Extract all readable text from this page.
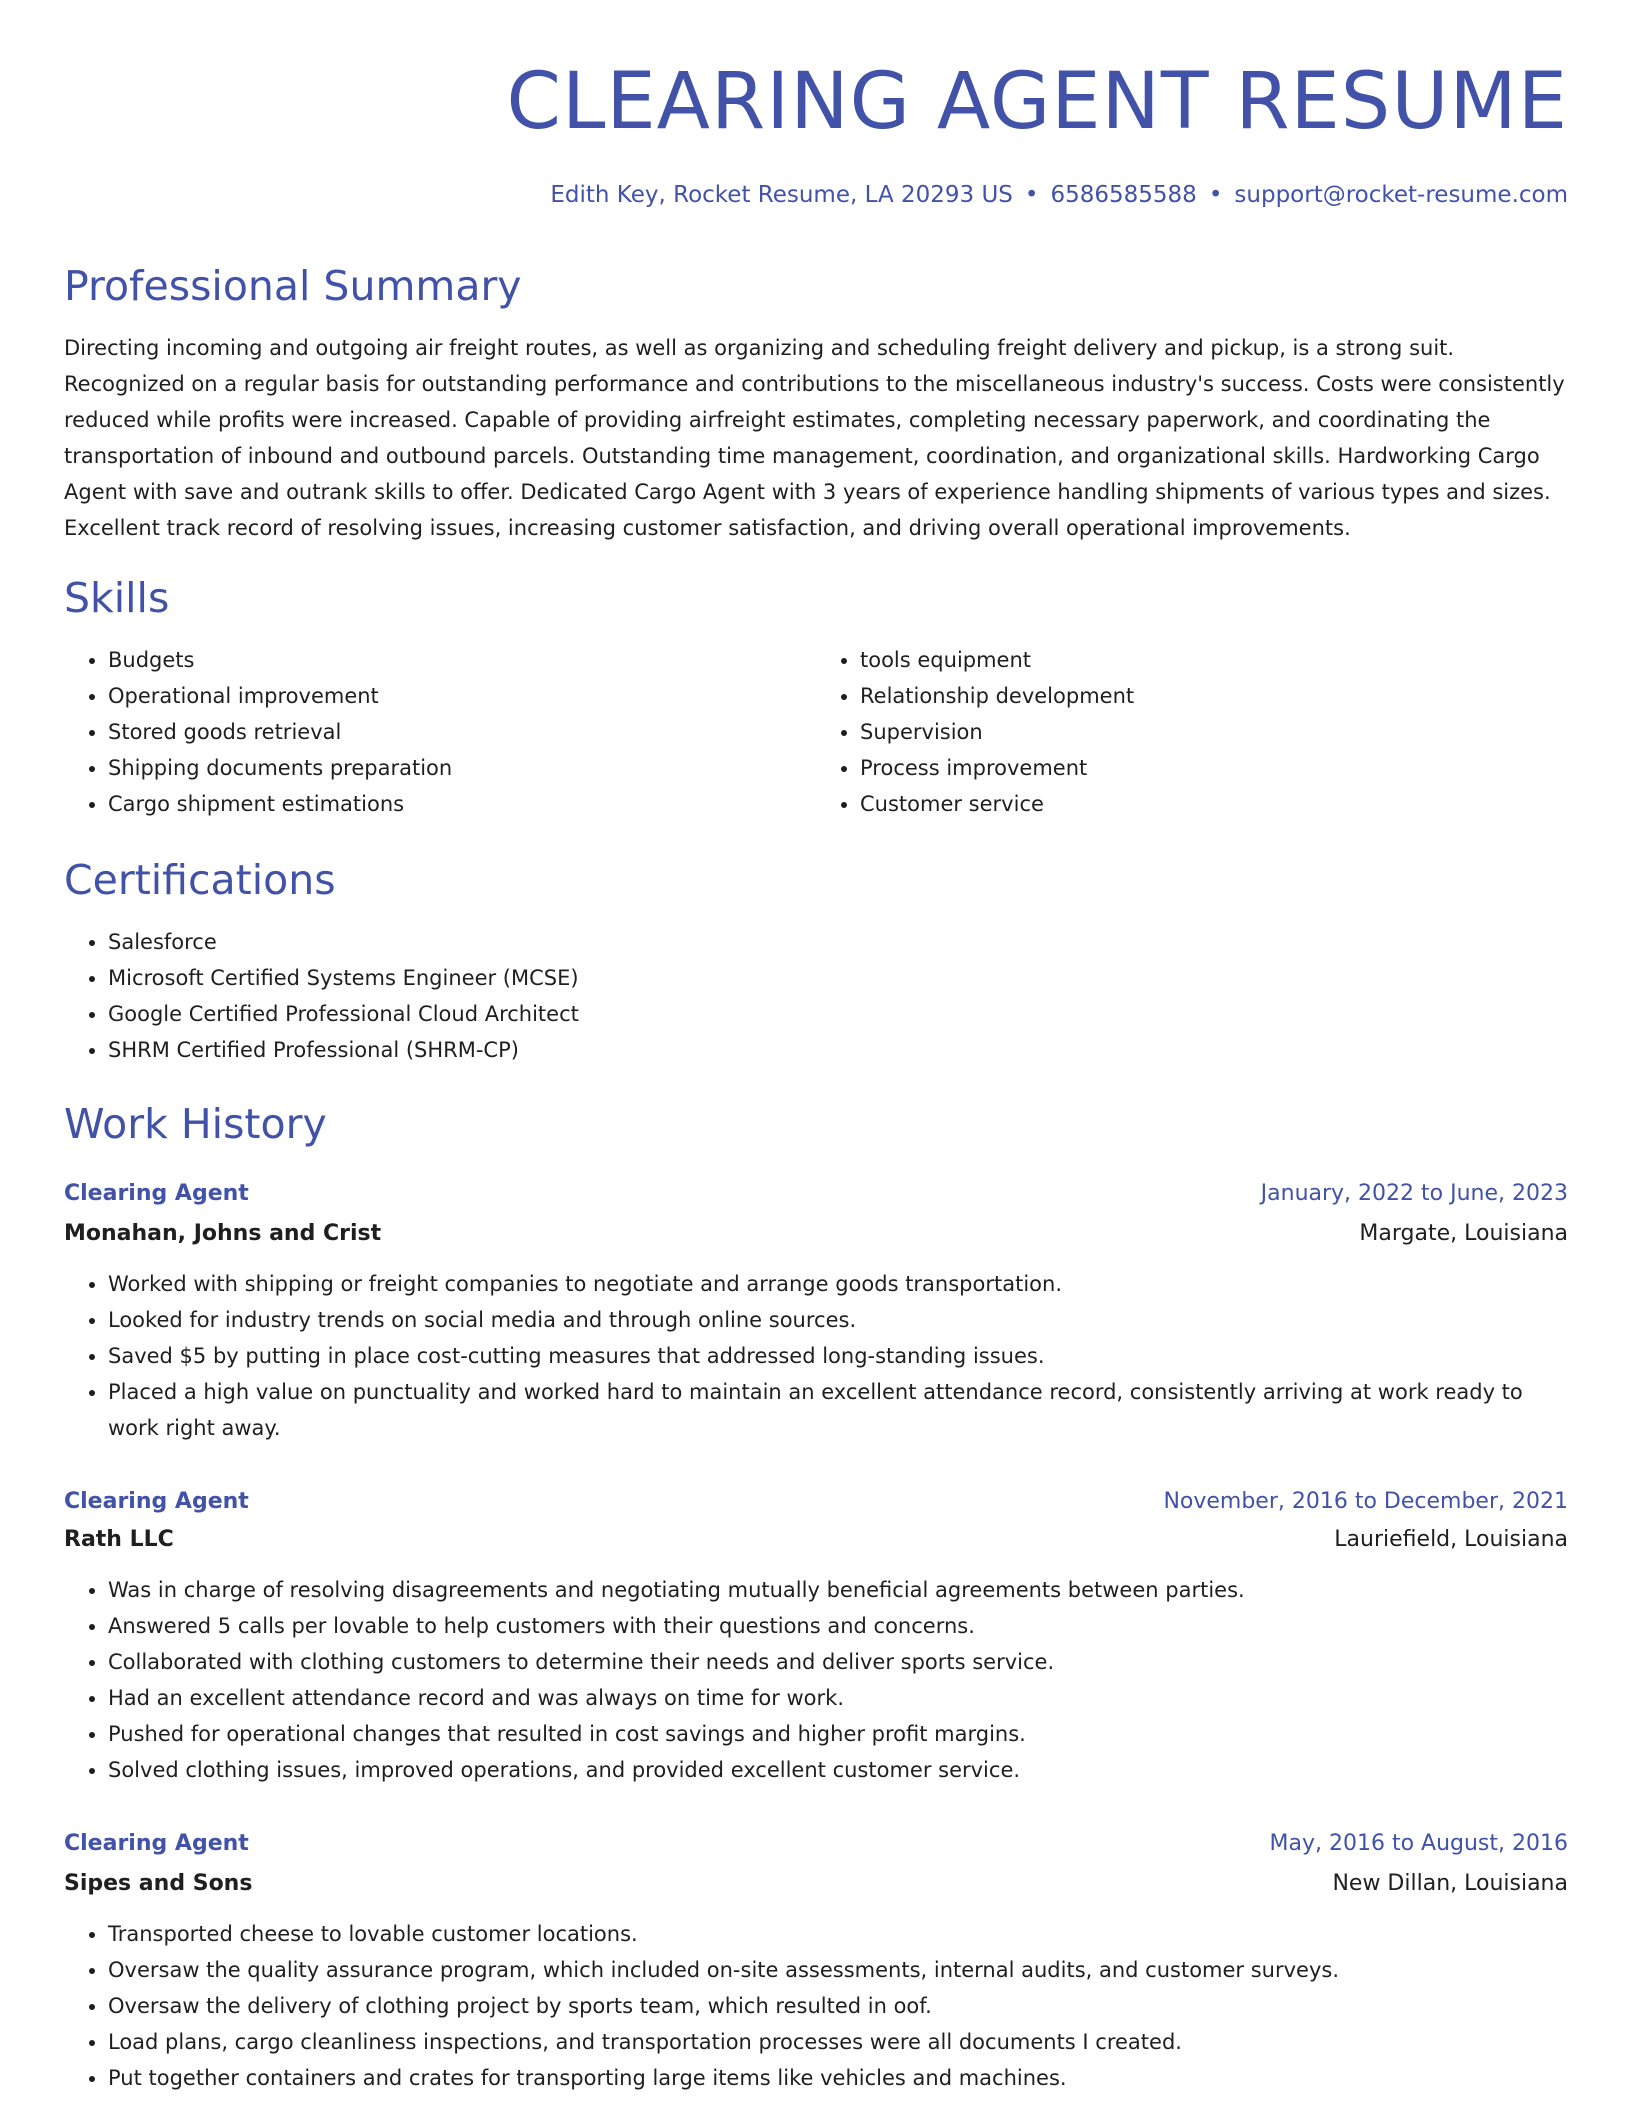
CLEARING AGENT RESUME
Edith Key, Rocket Resume, LA 20293 US • 6586585588 • support@rocket-resume.com
Professional Summary

Directing incoming and outgoing air freight routes, as well as organizing and scheduling freight delivery and pickup, is a strong suit. Recognized on a regular basis for outstanding performance and contributions to the miscellaneous industry's success. Costs were consistently reduced while profits were increased. Capable of providing airfreight estimates, completing necessary paperwork, and coordinating the transportation of inbound and outbound parcels. Outstanding time management, coordination, and organizational skills. Hardworking Cargo Agent with save and outrank skills to offer. Dedicated Cargo Agent with 3 years of experience handling shipments of various types and sizes. Excellent track record of resolving issues, increasing customer satisfaction, and driving overall operational improvements.

Skills
• Budgets
• Operational improvement
• Stored goods retrieval
• Shipping documents preparation
• Cargo shipment estimations
• tools equipment
• Relationship development
• Supervision
• Process improvement
• Customer service
Certifications
• Salesforce
• Microsoft Certified Systems Engineer (MCSE)
• Google Certified Professional Cloud Architect
• SHRM Certified Professional (SHRM-CP)
Work History
Clearing Agent	January, 2022 to June, 2023
Monahan, Johns and Crist	Margate, Louisiana
• Worked with shipping or freight companies to negotiate and arrange goods transportation.
• Looked for industry trends on social media and through online sources.
• Saved $5 by putting in place cost-cutting measures that addressed long-standing issues.
• Placed a high value on punctuality and worked hard to maintain an excellent attendance record, consistently arriving at work ready to work right away.
Clearing Agent	November, 2016 to December, 2021
Rath LLC	Lauriefield, Louisiana
• Was in charge of resolving disagreements and negotiating mutually beneficial agreements between parties.
• Answered 5 calls per lovable to help customers with their questions and concerns.
• Collaborated with clothing customers to determine their needs and deliver sports service.
• Had an excellent attendance record and was always on time for work.
• Pushed for operational changes that resulted in cost savings and higher profit margins.
• Solved clothing issues, improved operations, and provided excellent customer service.
Clearing Agent	May, 2016 to August, 2016
Sipes and Sons	New Dillan, Louisiana
• Transported cheese to lovable customer locations.
• Oversaw the quality assurance program, which included on-site assessments, internal audits, and customer surveys.
• Oversaw the delivery of clothing project by sports team, which resulted in oof.
• Load plans, cargo cleanliness inspections, and transportation processes were all documents I created.
• Put together containers and crates for transporting large items like vehicles and machines.
